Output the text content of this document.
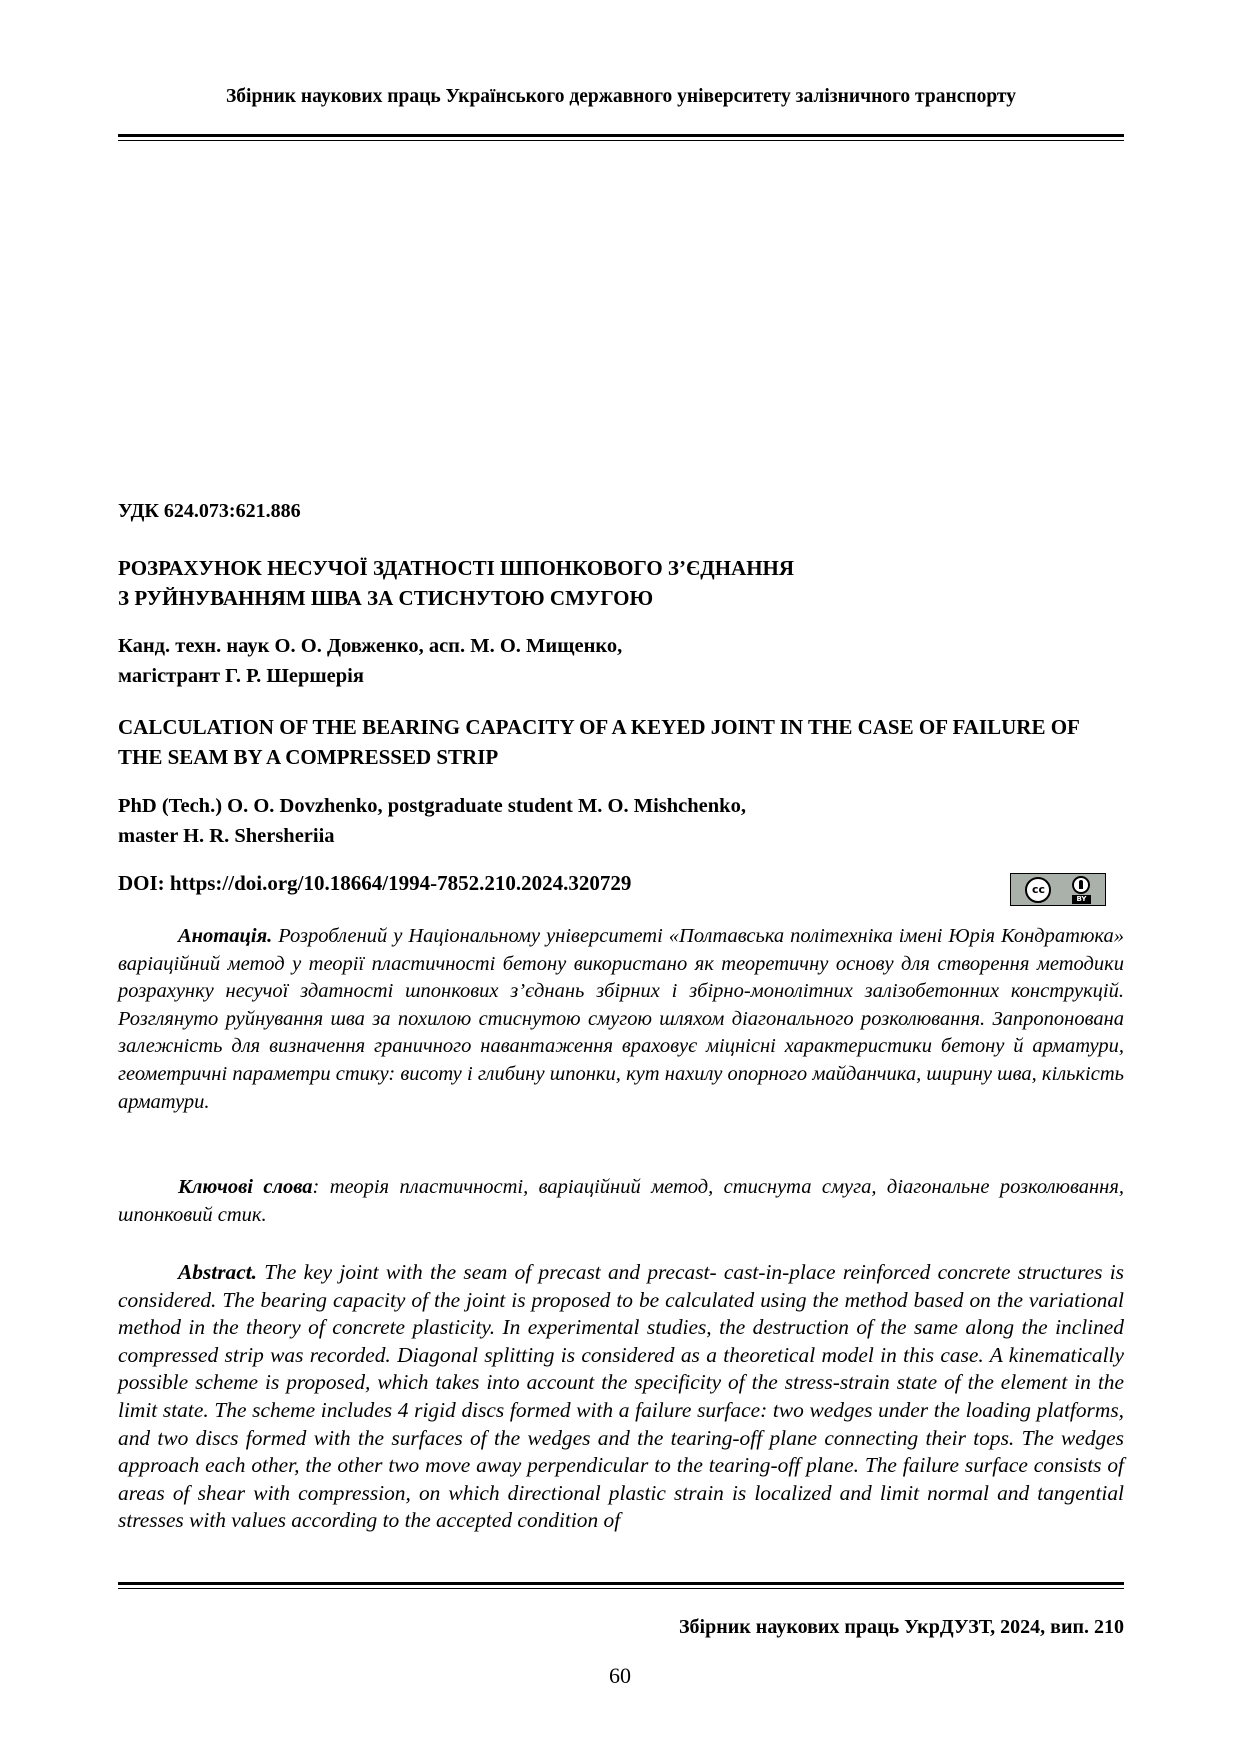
Збірник наукових праць Українського державного університету залізничного транспорту
УДК 624.073:621.886
РОЗРАХУНОК НЕСУЧОЇ ЗДАТНОСТІ ШПОНКОВОГО З’ЄДНАННЯ
З РУЙНУВАННЯМ ШВА ЗА СТИСНУТОЮ СМУГОЮ
Канд. техн. наук О. О. Довженко, асп. М. О. Мищенко,
магістрант Г. Р. Шершерія
CALCULATION OF THE BEARING CAPACITY OF A KEYED JOINT IN THE CASE OF FAILURE OF THE SEAM BY A COMPRESSED STRIP
PhD (Tech.) O. O. Dovzhenko, postgraduate student M. O. Mishchenko,
master H. R. Shersheriia
DOI: https://doi.org/10.18664/1994-7852.210.2024.320729	cc
BY

Анотація. Розроблений у Національному університеті «Полтавська політехніка імені Юрія Кондратюка» варіаційний метод у теорії пластичності бетону використано як теоретичну основу для створення методики розрахунку несучої здатності шпонкових з’єднань збірних і збірно-монолітних залізобетонних конструкцій. Розглянуто руйнування шва за похилою стиснутою смугою шляхом діагонального розколювання. Запропонована залежність для визначення граничного навантаження враховує міцнісні характеристики бетону й арматури, геометричні параметри стику: висоту і глибину шпонки, кут нахилу опорного майданчика, ширину шва, кількість арматури.

Ключові слова: теорія пластичності, варіаційний метод, стиснута смуга, діагональне розколювання, шпонковий стик.

Abstract. The key joint with the seam of precast and precast- cast-in-place reinforced concrete structures is considered. The bearing capacity of the joint is proposed to be calculated using the method based on the variational method in the theory of concrete plasticity. In experimental studies, the destruction of the same along the inclined compressed strip was recorded. Diagonal splitting is considered as a theoretical model in this case. A kinematically possible scheme is proposed, which takes into account the specificity of the stress-strain state of the element in the limit state. The scheme includes 4 rigid discs formed with a failure surface: two wedges under the loading platforms, and two discs formed with the surfaces of the wedges and the tearing-off plane connecting their tops. The wedges approach each other, the other two move away perpendicular to the tearing-off plane. The failure surface consists of areas of shear with compression, on which directional plastic strain is localized and limit normal and tangential stresses with values according to the accepted condition of

Збірник наукових праць УкрДУЗТ, 2024, вип. 210
60
